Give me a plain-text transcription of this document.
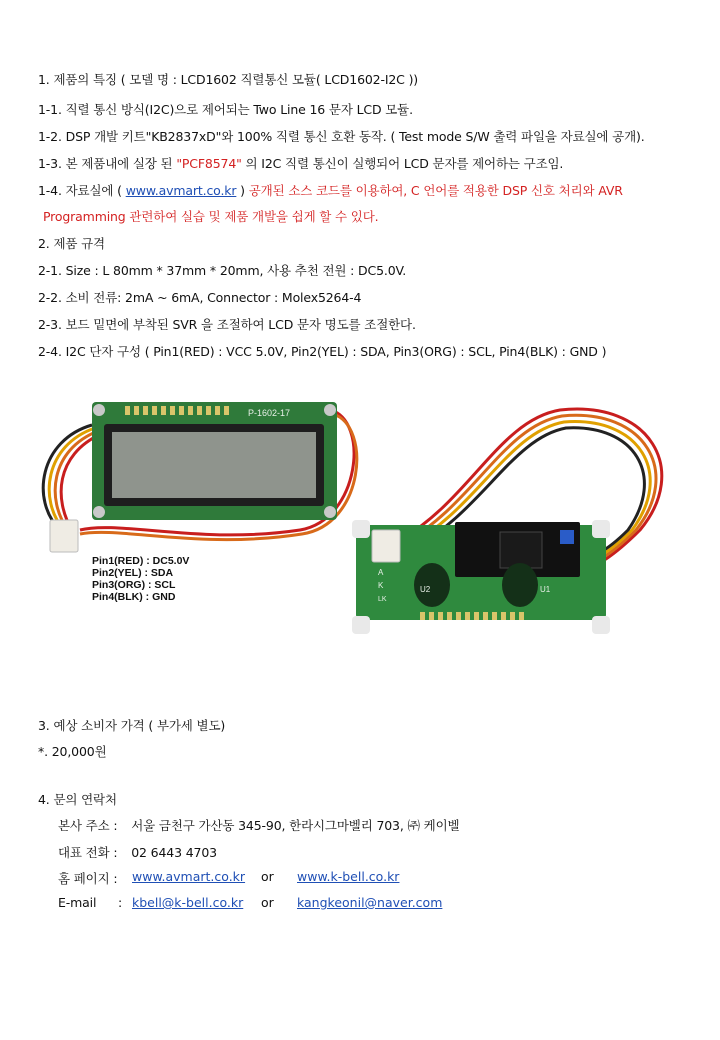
1. 제품의 특징 ( 모델 명 : LCD1602 직렬통신 모듈( LCD1602-I2C ))
1-1. 직렬 통신 방식(I2C)으로 제어되는 Two Line 16 문자 LCD 모듈.
1-2. DSP 개발 키트"KB2837xD"와 100% 직렬 통신 호환 동작. ( Test mode S/W 출력 파일을 자료실에 공개).
1-3. 본 제품내에 실장 된 "PCF8574" 의 I2C 직렬 통신이 실행되어 LCD 문자를 제어하는 구조임.
1-4. 자료실에 ( www.avmart.co.kr ) 공개된 소스 코드를 이용하여, C 언어를 적용한 DSP 신호 처리와 AVR
Programming 관련하여 실습 및 제품 개발을 쉽게 할 수 있다.
2. 제품 규격
2-1. Size : L 80mm * 37mm * 20mm, 사용 추천 전원 : DC5.0V.
2-2. 소비 전류: 2mA ~ 6mA, Connector : Molex5264-4
2-3. 보드 밑면에 부착된 SVR 을 조절하여 LCD 문자 명도를 조절한다.
2-4. I2C 단자 구성 ( Pin1(RED) : VCC 5.0V, Pin2(YEL) : SDA, Pin3(ORG) : SCL, Pin4(BLK) : GND )
P-1602-17
Pin1(RED) : DC5.0V
Pin2(YEL) : SDA
Pin3(ORG) : SCL
Pin4(BLK) : GND
A
K
LK
U2	U1
3. 예상 소비자 가격 ( 부가세 별도)
*. 20,000원
4. 문의 연락처
본사 주소 : 서울 금천구 가산동 345-90, 한라시그마벨리 703, ㈜ 케이벨
대표 전화 : 02 6443 4703
홈 페이지 : www.avmart.co.kr or www.k-bell.co.kr
E-mail : kbell@k-bell.co.kr or kangkeonil@naver.com
